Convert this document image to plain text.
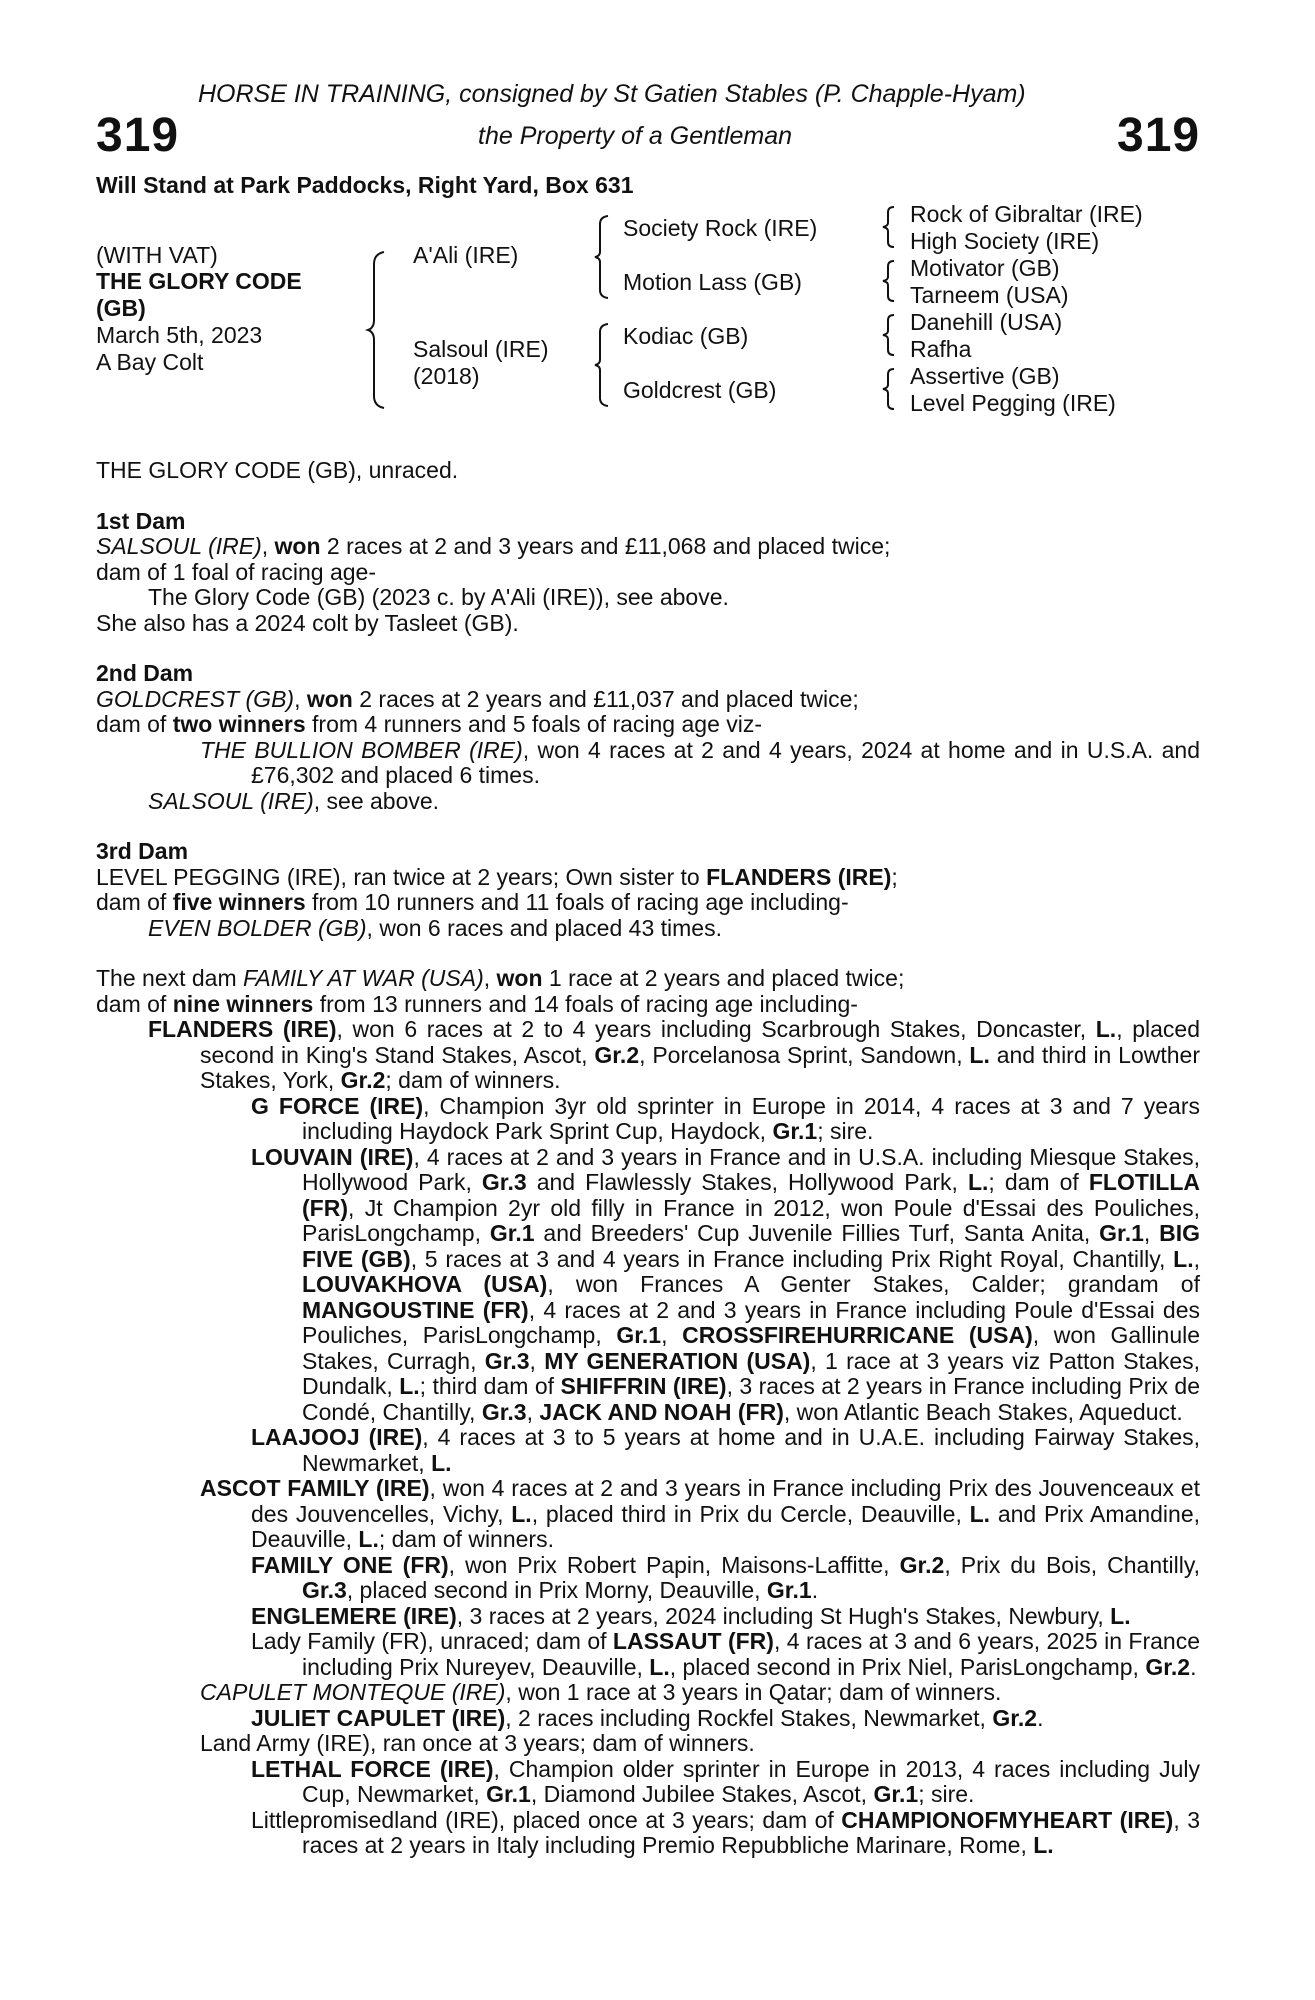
HORSE IN TRAINING, consigned by St Gatien Stables (P. Chapple-Hyam)
the Property of a Gentleman
319	319
Will Stand at Park Paddocks, Right Yard, Box 631
(WITH VAT)
THE GLORY CODE
(GB)
March 5th, 2023
A Bay Colt
A'Ali (IRE)
Salsoul (IRE)
(2018)
Society Rock (IRE)
Motion Lass (GB)
Kodiac (GB)
Goldcrest (GB)
Rock of Gibraltar (IRE)
High Society (IRE)
Motivator (GB)
Tarneem (USA)
Danehill (USA)
Rafha
Assertive (GB)
Level Pegging (IRE)

THE GLORY CODE (GB), unraced.

1st Dam

SALSOUL (IRE), won 2 races at 2 and 3 years and £11,068 and placed twice;

dam of 1 foal of racing age-

The Glory Code (GB) (2023 c. by A'Ali (IRE)), see above.

She also has a 2024 colt by Tasleet (GB).

2nd Dam

GOLDCREST (GB), won 2 races at 2 years and £11,037 and placed twice;

dam of two winners from 4 runners and 5 foals of racing age viz-

THE BULLION BOMBER (IRE), won 4 races at 2 and 4 years, 2024 at home and in U.S.A. and £76,302 and placed 6 times.

SALSOUL (IRE), see above.

3rd Dam

LEVEL PEGGING (IRE), ran twice at 2 years; Own sister to FLANDERS (IRE);

dam of five winners from 10 runners and 11 foals of racing age including-

EVEN BOLDER (GB), won 6 races and placed 43 times.

The next dam FAMILY AT WAR (USA), won 1 race at 2 years and placed twice;

dam of nine winners from 13 runners and 14 foals of racing age including-

FLANDERS (IRE), won 6 races at 2 to 4 years including Scarbrough Stakes, Doncaster, L., placed second in King's Stand Stakes, Ascot, Gr.2, Porcelanosa Sprint, Sandown, L. and third in Lowther Stakes, York, Gr.2; dam of winners.

G FORCE (IRE), Champion 3yr old sprinter in Europe in 2014, 4 races at 3 and 7 years including Haydock Park Sprint Cup, Haydock, Gr.1; sire.

LOUVAIN (IRE), 4 races at 2 and 3 years in France and in U.S.A. including Miesque Stakes, Hollywood Park, Gr.3 and Flawlessly Stakes, Hollywood Park, L.; dam of FLOTILLA (FR), Jt Champion 2yr old filly in France in 2012, won Poule d'Essai des Pouliches, ParisLongchamp, Gr.1 and Breeders' Cup Juvenile Fillies Turf, Santa Anita, Gr.1, BIG FIVE (GB), 5 races at 3 and 4 years in France including Prix Right Royal, Chantilly, L., LOUVAKHOVA (USA), won Frances A Genter Stakes, Calder; grandam of MANGOUSTINE (FR), 4 races at 2 and 3 years in France including Poule d'Essai des Pouliches, ParisLongchamp, Gr.1, CROSSFIREHURRICANE (USA), won Gallinule Stakes, Curragh, Gr.3, MY GENERATION (USA), 1 race at 3 years viz Patton Stakes, Dundalk, L.; third dam of SHIFFRIN (IRE), 3 races at 2 years in France including Prix de Condé, Chantilly, Gr.3, JACK AND NOAH (FR), won Atlantic Beach Stakes, Aqueduct.

LAAJOOJ (IRE), 4 races at 3 to 5 years at home and in U.A.E. including Fairway Stakes, Newmarket, L.

ASCOT FAMILY (IRE), won 4 races at 2 and 3 years in France including Prix des Jouvenceaux et des Jouvencelles, Vichy, L., placed third in Prix du Cercle, Deauville, L. and Prix Amandine, Deauville, L.; dam of winners.

FAMILY ONE (FR), won Prix Robert Papin, Maisons-Laffitte, Gr.2, Prix du Bois, Chantilly, Gr.3, placed second in Prix Morny, Deauville, Gr.1.

ENGLEMERE (IRE), 3 races at 2 years, 2024 including St Hugh's Stakes, Newbury, L.

Lady Family (FR), unraced; dam of LASSAUT (FR), 4 races at 3 and 6 years, 2025 in France including Prix Nureyev, Deauville, L., placed second in Prix Niel, ParisLongchamp, Gr.2.

CAPULET MONTEQUE (IRE), won 1 race at 3 years in Qatar; dam of winners.

JULIET CAPULET (IRE), 2 races including Rockfel Stakes, Newmarket, Gr.2.

Land Army (IRE), ran once at 3 years; dam of winners.

LETHAL FORCE (IRE), Champion older sprinter in Europe in 2013, 4 races including July Cup, Newmarket, Gr.1, Diamond Jubilee Stakes, Ascot, Gr.1; sire.

Littlepromisedland (IRE), placed once at 3 years; dam of CHAMPIONOFMYHEART (IRE), 3 races at 2 years in Italy including Premio Repubbliche Marinare, Rome, L.
